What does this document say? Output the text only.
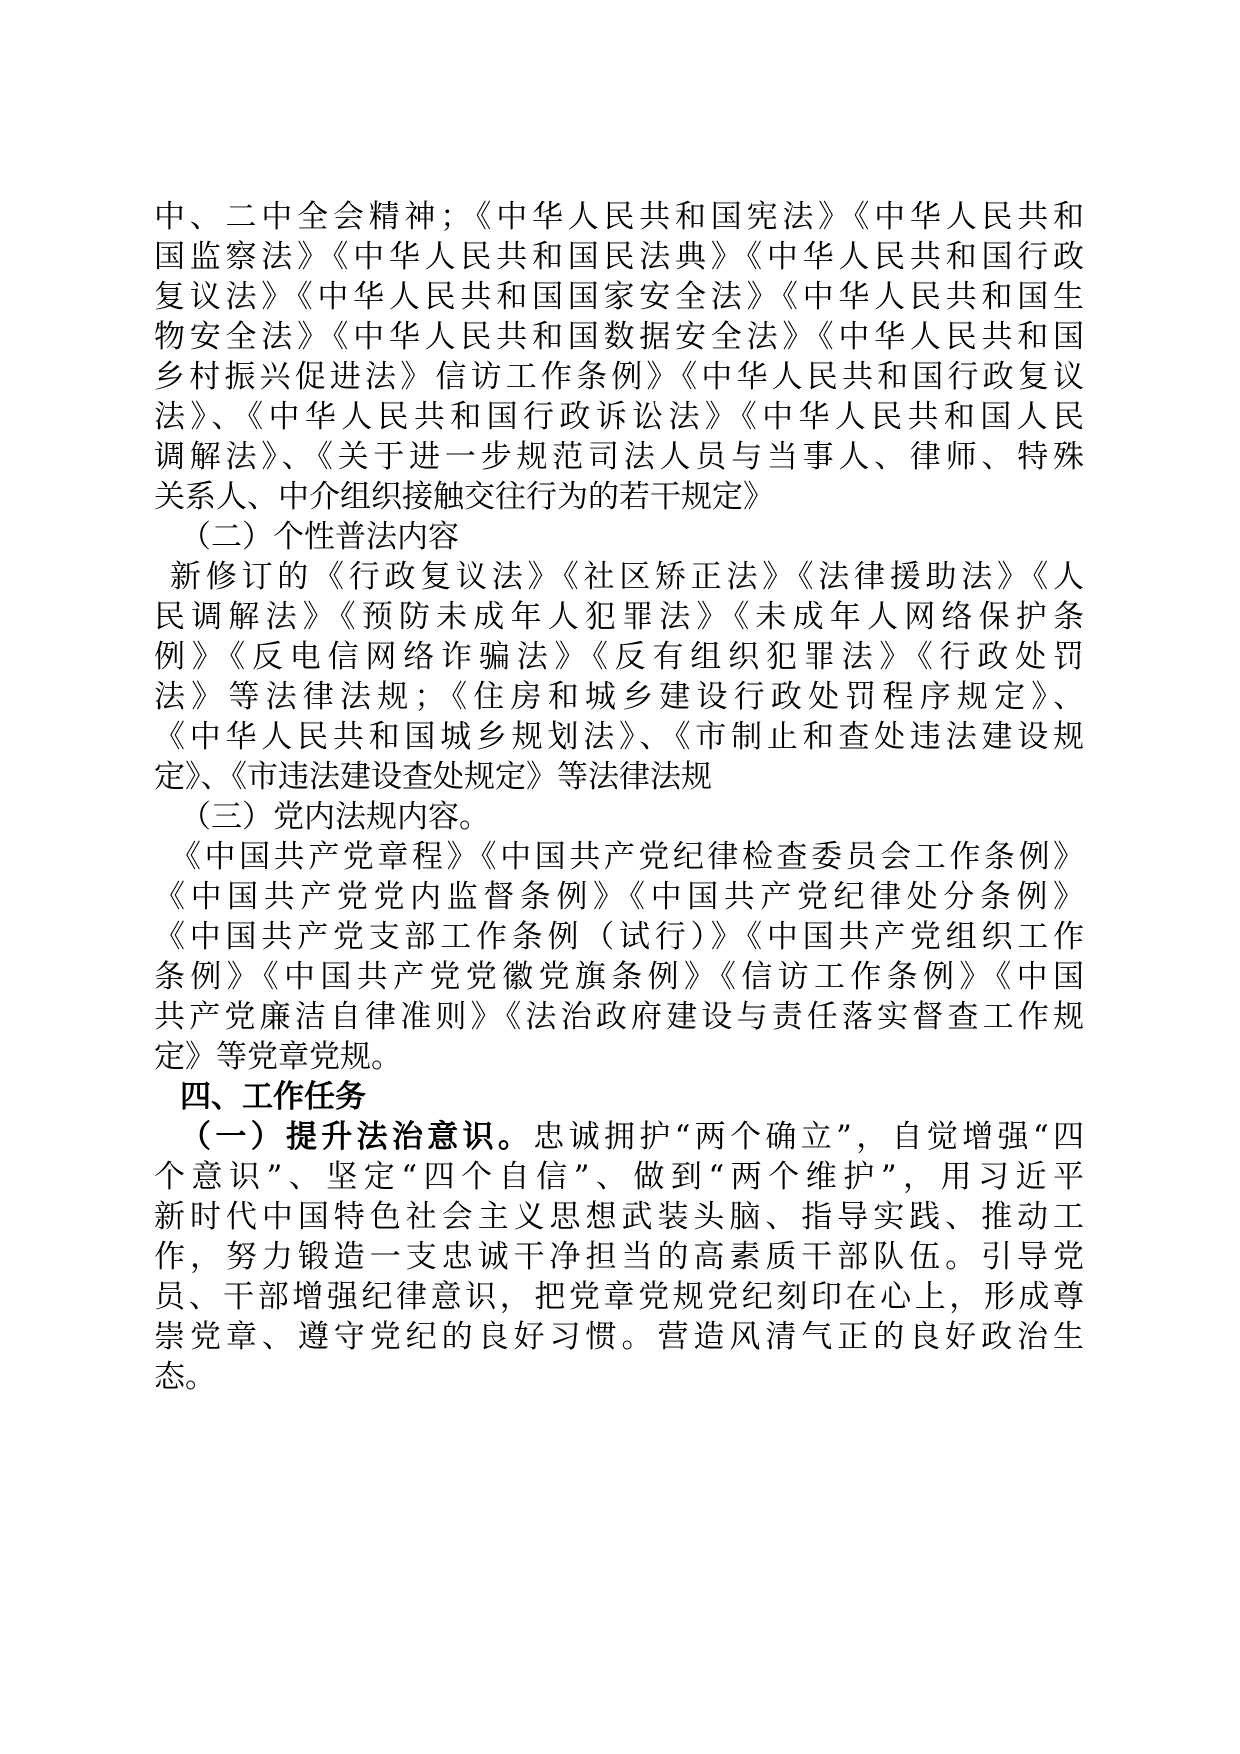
中、二中全会精神；《中华人民共和国宪法》《中华人民共和
国监察法》《中华人民共和国民法典》《中华人民共和国行政
复议法》《中华人民共和国国家安全法》《中华人民共和国生
物安全法》《中华人民共和国数据安全法》《中华人民共和国
乡村振兴促进法》信访工作条例》《中华人民共和国行政复议
法》、《中华人民共和国行政诉讼法》《中华人民共和国人民
调解法》、《关于进一步规范司法人员与当事人、律师、特殊
关系人、中介组织接触交往行为的若干规定》
（二）个性普法内容
新修订的《行政复议法》《社区矫正法》《法律援助法》《人
民调解法》《预防未成年人犯罪法》《未成年人网络保护条
例》《反电信网络诈骗法》《反有组织犯罪法》《行政处罚
法》等法律法规；《住房和城乡建设行政处罚程序规定》、
《中华人民共和国城乡规划法》、《市制止和查处违法建设规
定》、《市违法建设查处规定》等法律法规
（三）党内法规内容。
《中国共产党章程》《中国共产党纪律检查委员会工作条例》
《中国共产党党内监督条例》《中国共产党纪律处分条例》
《中国共产党支部工作条例（试行）》《中国共产党组织工作
条例》《中国共产党党徽党旗条例》《信访工作条例》《中国
共产党廉洁自律准则》《法治政府建设与责任落实督查工作规
定》等党章党规。
四、工作任务
（一）提升法治意识。忠诚拥护“两个确立”，自觉增强“四
个意识”、坚定“四个自信”、做到“两个维护”，用习近平
新时代中国特色社会主义思想武装头脑、指导实践、推动工
作，努力锻造一支忠诚干净担当的高素质干部队伍。引导党
员、干部增强纪律意识，把党章党规党纪刻印在心上，形成尊
崇党章、遵守党纪的良好习惯。营造风清气正的良好政治生
态。
